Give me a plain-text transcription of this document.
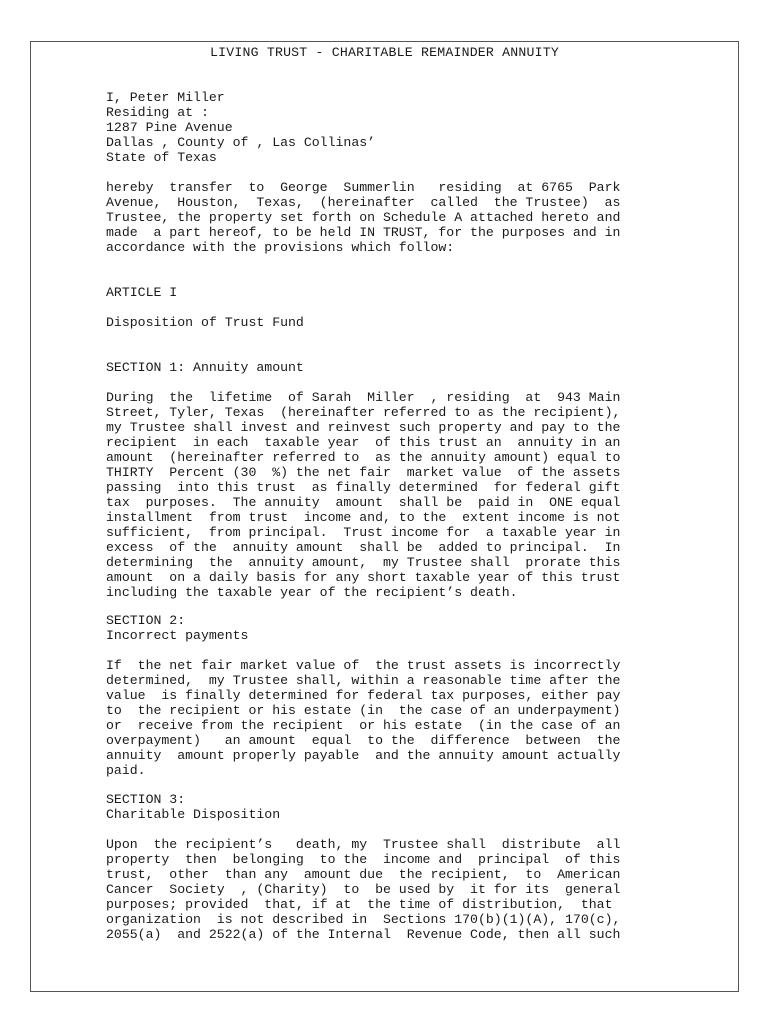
LIVING TRUST - CHARITABLE REMAINDER ANNUITY
I, Peter Miller
Residing at :
1287 Pine Avenue
Dallas , County of , Las Collinas’
State of Texas
hereby  transfer  to  George  Summerlin   residing  at 6765  Park
Avenue,  Houston,  Texas,  (hereinafter  called  the Trustee)  as
Trustee, the property set forth on Schedule A attached hereto and
made  a part hereof, to be held IN TRUST, for the purposes and in
accordance with the provisions which follow:
ARTICLE I
Disposition of Trust Fund
SECTION 1: Annuity amount
During  the  lifetime  of Sarah  Miller  , residing  at  943 Main
Street, Tyler, Texas  (hereinafter referred to as the recipient),
my Trustee shall invest and reinvest such property and pay to the
recipient  in each  taxable year  of this trust an  annuity in an
amount  (hereinafter referred to  as the annuity amount) equal to
THIRTY  Percent (30  %) the net fair  market value  of the assets
passing  into this trust  as finally determined  for federal gift
tax  purposes.  The annuity  amount  shall be  paid in  ONE equal
installment  from trust  income and, to the  extent income is not
sufficient,  from principal.  Trust income for  a taxable year in
excess  of the  annuity amount  shall be  added to principal.  In
determining  the  annuity amount,  my Trustee shall  prorate this
amount  on a daily basis for any short taxable year of this trust
including the taxable year of the recipient’s death.
SECTION 2:
Incorrect payments
If  the net fair market value of  the trust assets is incorrectly
determined,  my Trustee shall, within a reasonable time after the
value  is finally determined for federal tax purposes, either pay
to  the recipient or his estate (in  the case of an underpayment)
or  receive from the recipient  or his estate  (in the case of an
overpayment)   an amount  equal  to the  difference  between  the
annuity  amount properly payable  and the annuity amount actually
paid.
SECTION 3:
Charitable Disposition
Upon  the recipient’s   death, my  Trustee shall  distribute  all
property  then  belonging  to the  income and  principal  of this
trust,  other  than any  amount due  the recipient,  to  American
Cancer  Society  , (Charity)  to  be used by  it for its  general
purposes; provided  that, if at  the time of distribution,  that
organization  is not described in  Sections 170(b)(1)(A), 170(c),
2055(a)  and 2522(a) of the Internal  Revenue Code, then all such
